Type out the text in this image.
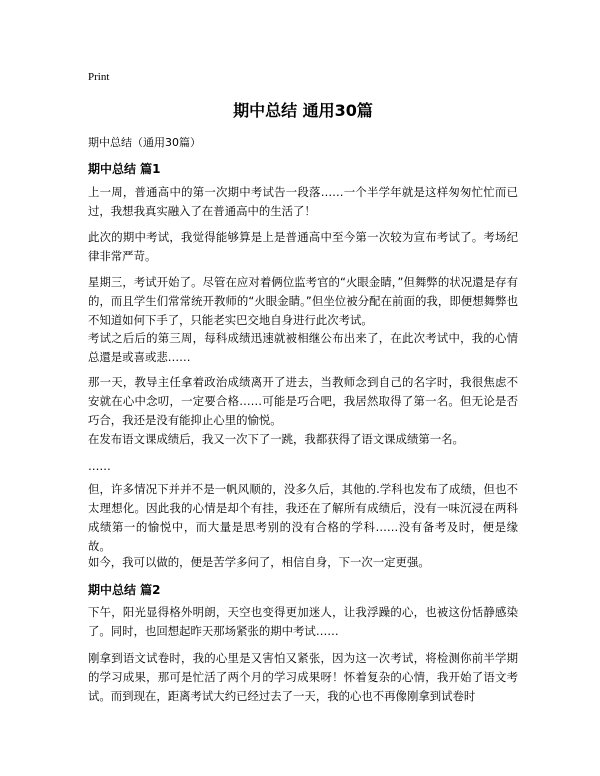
Print
期中总结 通用30篇
期中总结（通用30篇）
期中总结 篇1
上一周，普通高中的第一次期中考试告一段落……一个半学年就是这样匆匆忙忙而已过，我想我真实融入了在普通高中的生活了！
此次的期中考试，我觉得能够算是上是普通高中至今第一次较为宣布考试了。考场纪律非常严苛。
星期三，考试开始了。尽管在应对着俩位监考官的“火眼金睛，”但舞弊的状况還是存有的，而且学生们常常统开教师的“火眼金睛。”但坐位被分配在前面的我，即便想舞弊也不知道如何下手了，只能老实巴交地自身进行此次考试。
考试之后后的第三周，每科成绩迅速就被相继公布出来了，在此次考试中，我的心情总還是或喜或悲……
那一天，教导主任拿着政治成绩离开了进去，当教师念到自己的名字时，我很焦虑不安就在心中念叨，一定要合格……可能是巧合吧，我居然取得了第一名。但无论是否巧合，我还是没有能抑止心里的愉悦。
在发布语文课成绩后，我又一次下了一跳，我都获得了语文课成绩第一名。
……
但，许多情况下并并不是一帆风顺的，没多久后，其他的.学科也发布了成绩，但也不太理想化。因此我的心情是却个有挂，我还在了解所有成绩后，没有一味沉浸在两科成绩第一的愉悦中，而大量是思考别的没有合格的学科……没有备考及时，便是缘故。
如今，我可以做的，便是苦学多问了，相信自身，下一次一定更强。
期中总结 篇2
下午，阳光显得格外明朗，天空也变得更加迷人，让我浮躁的心，也被这份恬静感染了。同时，也回想起昨天那场紧张的期中考试……
刚拿到语文试卷时，我的心里是又害怕又紧张，因为这一次考试，将检测你前半学期的学习成果，那可是忙活了两个月的学习成果呀！怀着复杂的心情，我开始了语文考试。而到现在，距离考试大约已经过去了一天，我的心也不再像刚拿到试卷时
